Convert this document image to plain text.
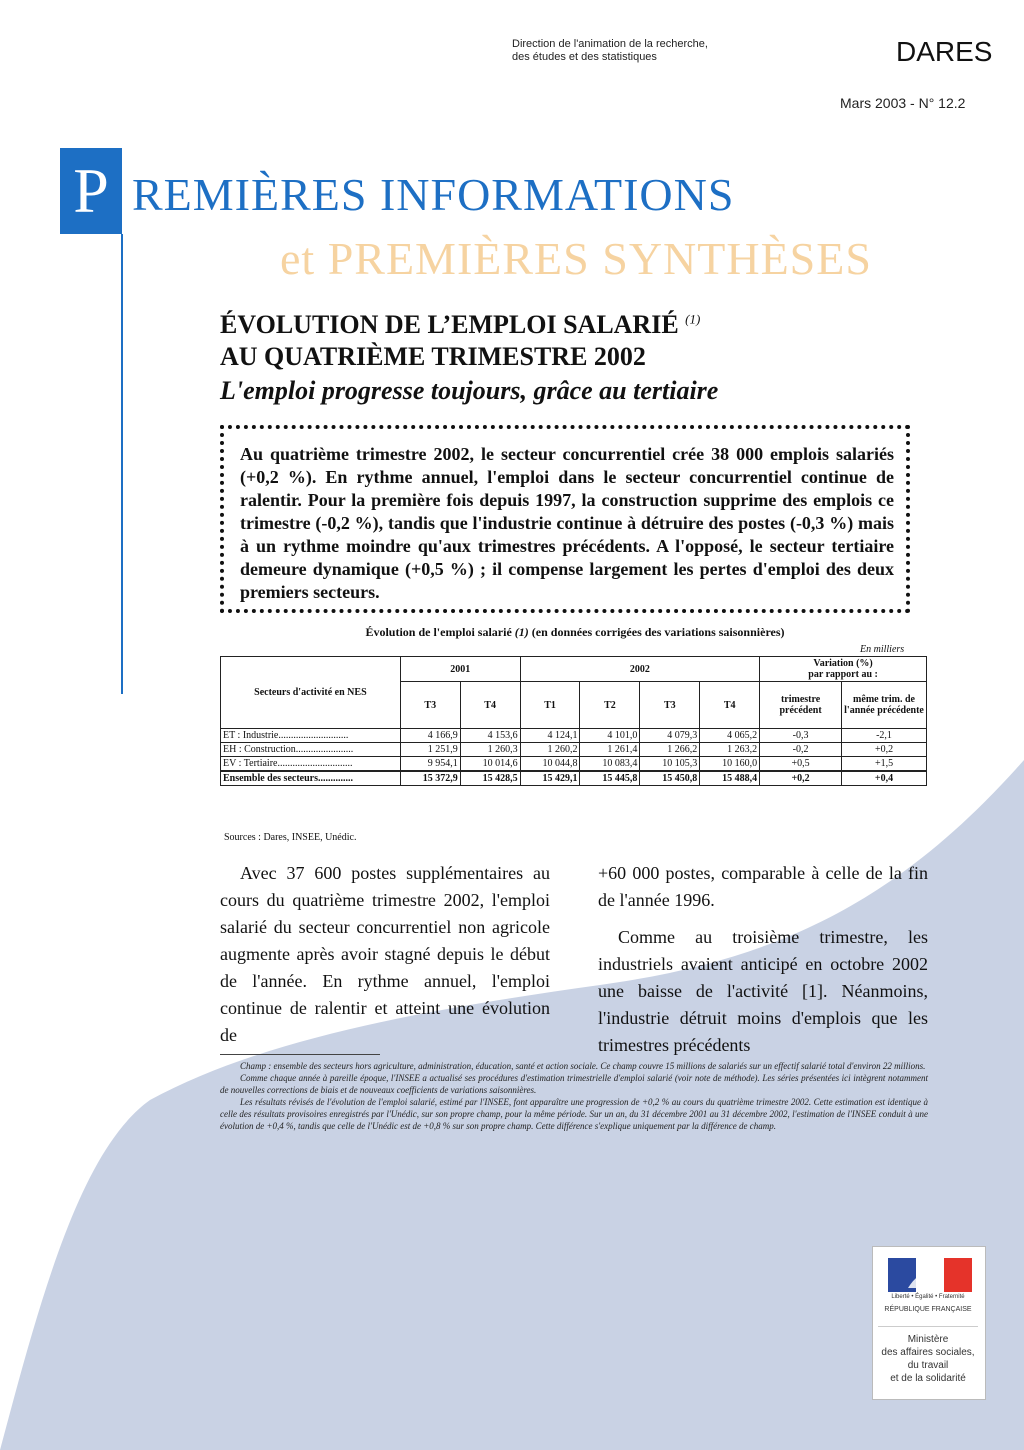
Direction de l'animation de la recherche,
des études et des statistiques	DARES
Mars 2003 - N° 12.2
P REMIÈRES INFORMATIONS
et PREMIÈRES SYNTHÈSES
ÉVOLUTION DE L’EMPLOI SALARIÉ $^{(1)}$
AU QUATRIÈME TRIMESTRE 2002
L'emploi progresse toujours, grâce au tertiaire
Au quatrième trimestre 2002, le secteur concurrentiel crée 38 000 emplois salariés (+0,2 %). En rythme annuel, l'emploi dans le secteur concurrentiel continue de ralentir. Pour la première fois depuis 1997, la construction supprime des emplois ce trimestre (-0,2 %), tandis que l'industrie continue à détruire des postes (-0,3 %) mais à un rythme moindre qu'aux trimestres précédents. A l'opposé, le secteur tertiaire demeure dynamique (+0,5 %) ; il compense largement les pertes d'emploi des deux premiers secteurs.
Évolution de l'emploi salarié (1) (en données corrigées des variations saisonnières)
En milliers
Secteurs d'activité en NES	2001		2002				Variation (%)
par rapport au :	

	T3	T4	T1	T2	T3	T4	trimestre précédent	même trim. de l'année précédente
ET : Industrie............................	4 166,9	4 153,6	4 124,1	4 101,0	4 079,3	4 065,2	-0,3	-2,1
EH : Construction.......................	1 251,9	1 260,3	1 260,2	1 261,4	1 266,2	1 263,2	-0,2	+0,2
EV : Tertiaire..............................	9 954,1	10 014,6	10 044,8	10 083,4	10 105,3	10 160,0	+0,5	+1,5
Ensemble des secteurs..............	15 372,9	15 428,5	15 429,1	15 445,8	15 450,8	15 488,4	+0,2	+0,4
Sources : Dares, INSEE, Unédic.
Avec 37 600 postes supplémentaires au cours du quatrième trimestre 2002, l'emploi salarié du secteur concurrentiel non agricole augmente après avoir stagné depuis le début de l'année. En rythme annuel, l'emploi continue de ralentir et atteint une évolution de
+60 000 postes, comparable à celle de la fin de l'année 1996.
Comme au troisième trimestre, les industriels avaient anticipé en octobre 2002 une baisse de l'activité [1]. Néanmoins, l'industrie détruit moins d'emplois que les trimestres précédents

Champ : ensemble des secteurs hors agriculture, administration, éducation, santé et action sociale. Ce champ couvre 15 millions de salariés sur un effectif salarié total d'environ 22 millions.

Comme chaque année à pareille époque, l'INSEE a actualisé ses procédures d'estimation trimestrielle d'emploi salarié (voir note de méthode). Les séries présentées ici intègrent notamment de nouvelles corrections de biais et de nouveaux coefficients de variations saisonnières.

Les résultats révisés de l'évolution de l'emploi salarié, estimé par l'INSEE, font apparaître une progression de +0,2 % au cours du quatrième trimestre 2002. Cette estimation est identique à celle des résultats provisoires enregistrés par l'Unédic, sur son propre champ, pour la même période. Sur un an, du 31 décembre 2001 au 31 décembre 2002, l'estimation de l'INSEE conduit à une évolution de +0,4 %, tandis que celle de l'Unédic est de +0,8 % sur son propre champ. Cette différence s'explique uniquement par la différence de champ.

Liberté • Égalité • Fraternité
RÉPUBLIQUE FRANÇAISE
Ministère
des affaires sociales,
du travail
et de la solidarité
